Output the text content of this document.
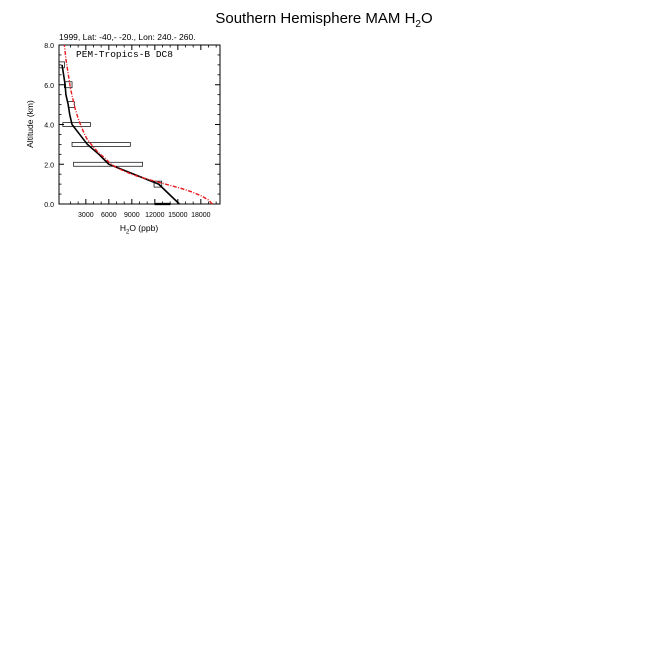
Southern Hemisphere MAM $H_2O$
1999, Lat: -40,- -20., Lon: 240.- 260.
PEM-Tropics-B DC8
0.0
2.0
4.0
6.0
8.0
3000 6000 9000 12000 15000 18000
$H_2O$ (ppb)
Altitude (km)
